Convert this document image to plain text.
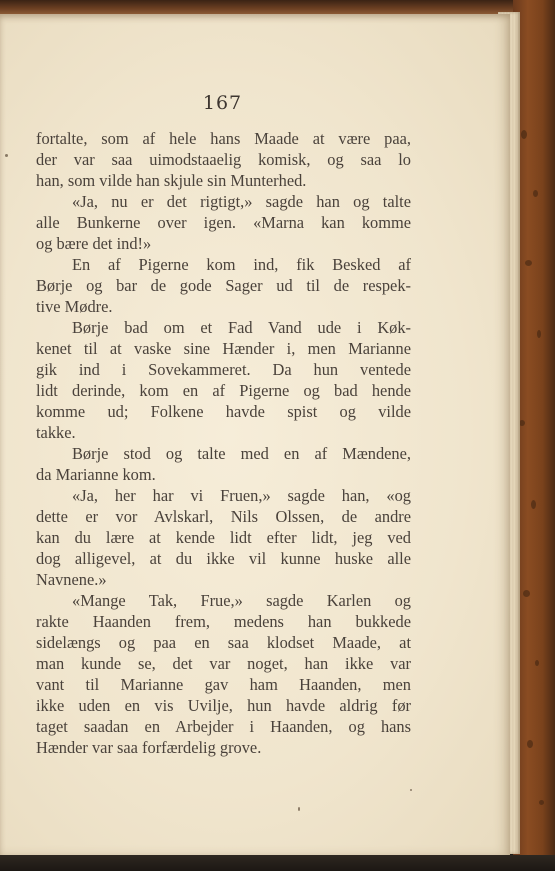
167
fortalte, som af hele hans Maade at være paa,
der var saa uimodstaaelig komisk, og saa lo
han, som vilde han skjule sin Munterhed.
«Ja, nu er det rigtigt,» sagde han og talte
alle Bunkerne over igen. «Marna kan komme
og bære det ind!»
En af Pigerne kom ind, fik Besked af
Børje og bar de gode Sager ud til de respek-
tive Mødre.
Børje bad om et Fad Vand ude i Køk-
kenet til at vaske sine Hænder i, men Marianne
gik ind i Sovekammeret. Da hun ventede
lidt derinde, kom en af Pigerne og bad hende
komme ud; Folkene havde spist og vilde
takke.
Børje stod og talte med en af Mændene,
da Marianne kom.
«Ja, her har vi Fruen,» sagde han, «og
dette er vor Avlskarl, Nils Olssen, de andre
kan du lære at kende lidt efter lidt, jeg ved
dog alligevel, at du ikke vil kunne huske alle
Navnene.»
«Mange Tak, Frue,» sagde Karlen og
rakte Haanden frem, medens han bukkede
sidelængs og paa en saa klodset Maade, at
man kunde se, det var noget, han ikke var
vant til Marianne gav ham Haanden, men
ikke uden en vis Uvilje, hun havde aldrig før
taget saadan en Arbejder i Haanden, og hans
Hænder var saa forfærdelig grove.
